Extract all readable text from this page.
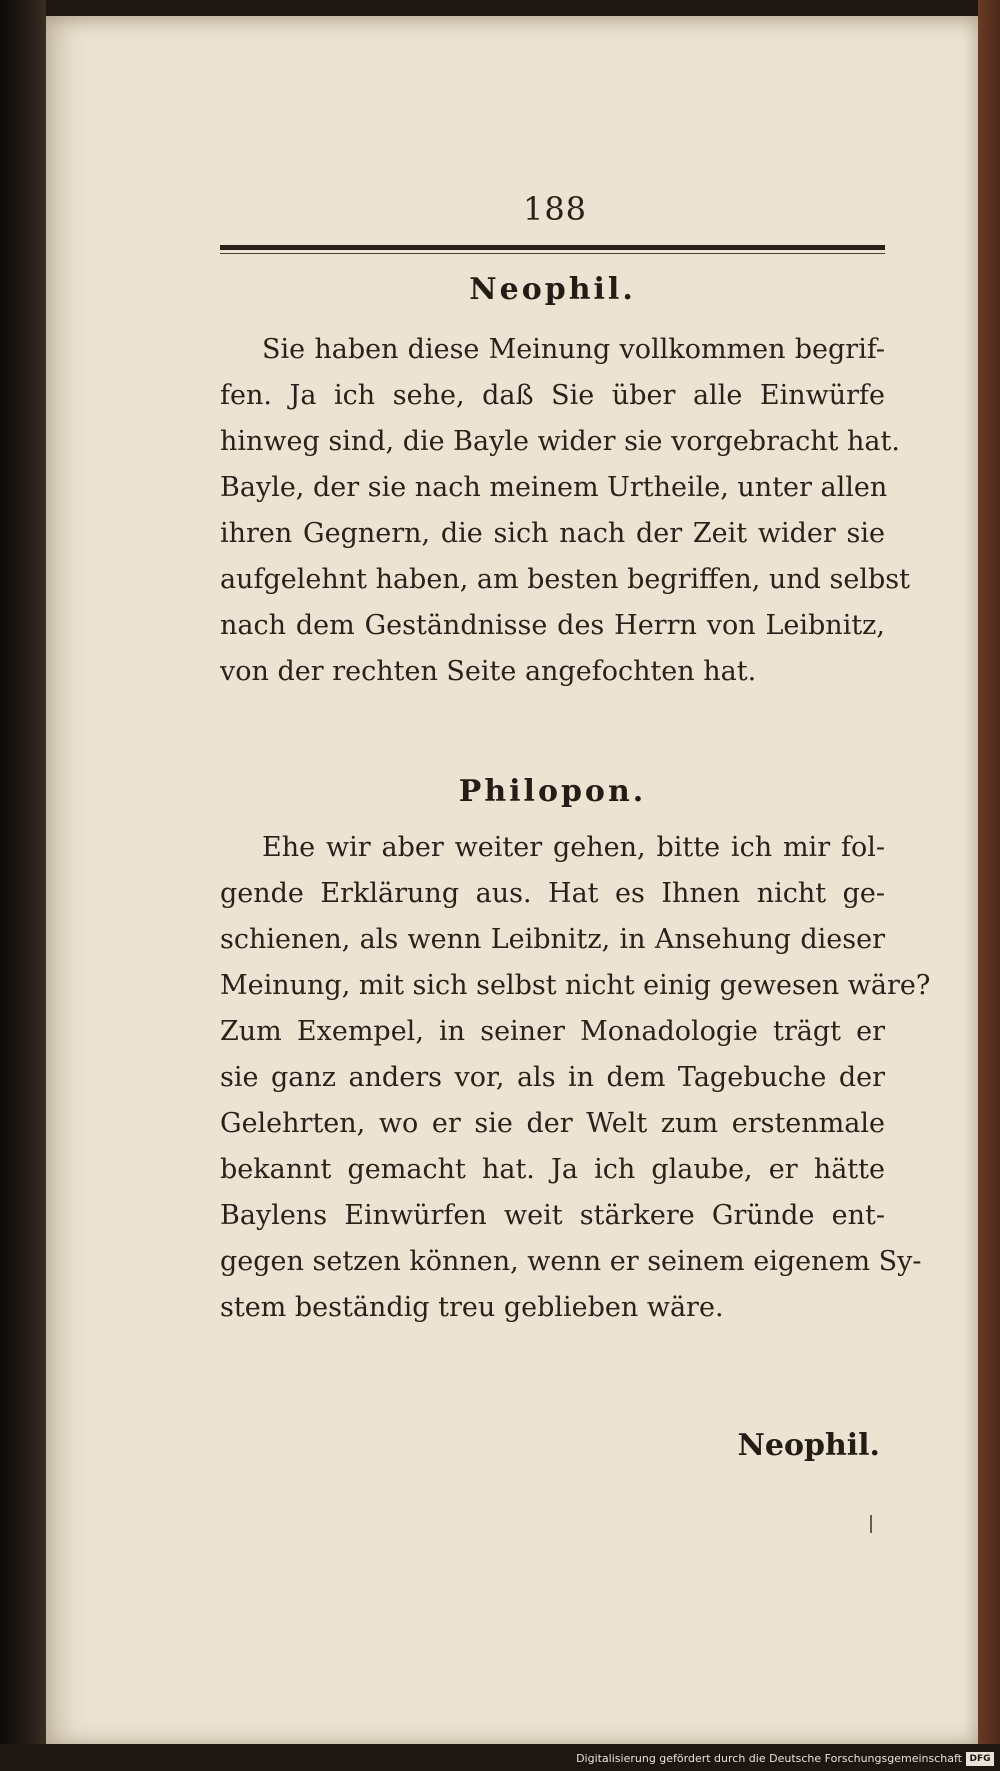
188

Neophil.

Sie haben diese Meinung vollkommen begrif-
fen. Ja ich sehe, daß Sie über alle Einwürfe
hinweg sind, die Bayle wider sie vorgebracht hat.
Bayle, der sie nach meinem Urtheile, unter allen
ihren Gegnern, die sich nach der Zeit wider sie
aufgelehnt haben, am besten begriffen, und selbst
nach dem Geständnisse des Herrn von Leibnitz,
von der rechten Seite angefochten hat.

Philopon.

Ehe wir aber weiter gehen, bitte ich mir fol-
gende Erklärung aus. Hat es Ihnen nicht ge-
schienen, als wenn Leibnitz, in Ansehung dieser
Meinung, mit sich selbst nicht einig gewesen wäre?
Zum Exempel, in seiner Monadologie trägt er
sie ganz anders vor, als in dem Tagebuche der
Gelehrten, wo er sie der Welt zum erstenmale
bekannt gemacht hat. Ja ich glaube, er hätte
Baylens Einwürfen weit stärkere Gründe ent-
gegen setzen können, wenn er seinem eigenem Sy-
stem beständig treu geblieben wäre.
Neophil.
Digitalisierung gefördert durch die Deutsche Forschungsgemeinschaft DFG
